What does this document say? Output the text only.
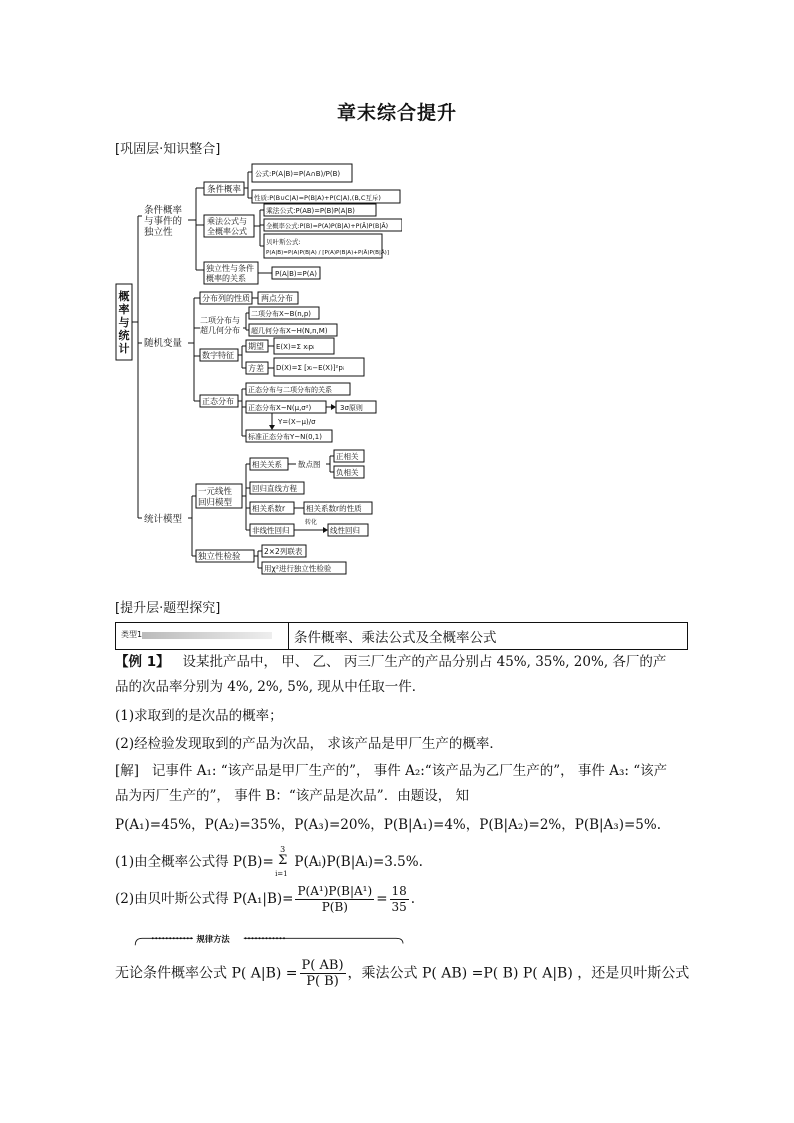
章末综合提升
[巩固层·知识整合]
概率与统计
条件概率与事件的独立性
条件概率
公式:P(A|B)=P(A∩B)/P(B)
性质:P(B∪C|A)=P(B|A)+P(C|A),(B,C互斥)
乘法公式与全概率公式
乘法公式:P(AB)=P(B)P(A|B)
全概率公式:P(B)=P(A)P(B|A)+P(Ā)P(B|Ā)
贝叶斯公式:
P(A|B)=P(A)P(B|A) / [P(A)P(B|A)+P(Ā)P(B|Ā)]
独立性与条件概率的关系	P(A|B)=P(A)
随机变量
分布列的性质 两点分布
二项分布与超几何分布
二项分布X~B(n,p)
超几何分布X~H(N,n,M)
数字特征
期望 E(X)=Σ xᵢpᵢ
方差 D(X)=Σ [xᵢ−E(X)]²pᵢ
正态分布
正态分布与二项分布的关系
正态分布X~N(μ,σ²)	3σ原则
Y=(X−μ)/σ
标准正态分布Y~N(0,1)
统计模型
一元线性回归模型
相关关系 散点图
正相关
负相关
回归直线方程
相关系数r	相关系数r的性质
非线性回归
转化
线性回归
独立性检验
2×2列联表
用χ²进行独立性检验
[提升层·题型探究]
类型1	条件概率、乘法公式及全概率公式
【例 1】 设某批产品中， 甲、 乙、 丙三厂生产的产品分别占 45%, 35%, 20%, 各厂的产
品的次品率分别为 4%, 2%, 5%, 现从中任取一件．
(1)求取到的是次品的概率；
(2)经检验发现取到的产品为次品， 求该产品是甲厂生产的概率．
[解] 记事件 A₁: “该产品是甲厂生产的”， 事件 A₂:“该产品为乙厂生产的”， 事件 A₃: “该产
品为丙厂生产的”， 事件 B：“该产品是次品”．由题设， 知
P(A₁)=45%，P(A₂)=35%，P(A₃)=20%，P(B|A₁)=4%，P(B|A₂)=2%，P(B|A₃)=5%.
(1)由全概率公式得 P(B)=
3
Σ
i=1
P(Aᵢ)P(B|Aᵢ)=3.5%.
(2)由贝叶斯公式得 $P(A_1|B)= \frac{\text{P(A¹)P(B|A¹)}}{P(B)} = \frac{18}{35}$ .
规律方法
无论条件概率公式 P( $A|B) = \frac{P( AB)}{P( B)}$ ，乘法公式 P( AB) =P( B) P( A|B) ，还是贝叶斯公式
